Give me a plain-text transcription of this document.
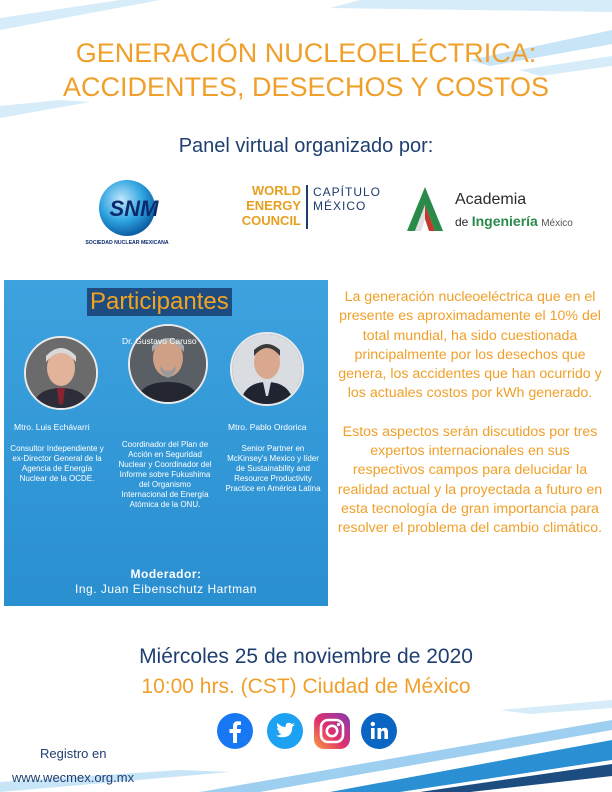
GENERACIÓN NUCLEOELÉCTRICA:
ACCIDENTES, DESECHOS Y COSTOS
Panel virtual organizado por:
SNM
SOCIEDAD NUCLEAR MEXICANA
WORLD
ENERGY
COUNCIL
CAPÍTULO
MÉXICO	Academia
de Ingeniería México
Participantes
Mtro. Luis Echávarri
Consultor Independiente y ex-Director General de la Agencia de Energía Nuclear de la OCDE.
Dr. Gustavo Caruso
Coordinador del Plan de Acción en Seguridad Nuclear y Coordinador del Informe sobre Fukushima del Organismo Internacional de Energía Atómica de la ONU.
Mtro. Pablo Ordorica
Senior Partner en McKinsey's Mexico y líder de Sustainability and Resource Productivity Practice en América Latina
Moderador:
Ing. Juan Eibenschutz Hartman

La generación nucleoeléctrica que en el presente es aproximadamente el 10% del total mundial, ha sido cuestionada principalmente por los desechos que genera, los accidentes que han ocurrido y los actuales costos por kWh generado.

Estos aspectos serán discutidos por tres expertos internacionales en sus respectivos campos para delucidar la realidad actual y la proyectada a futuro en esta tecnología de gran importancia para resolver el problema del cambio climático.

Miércoles 25 de noviembre de 2020
10:00 hrs. (CST) Ciudad de México
Registro en
www.wecmex.org.mx
